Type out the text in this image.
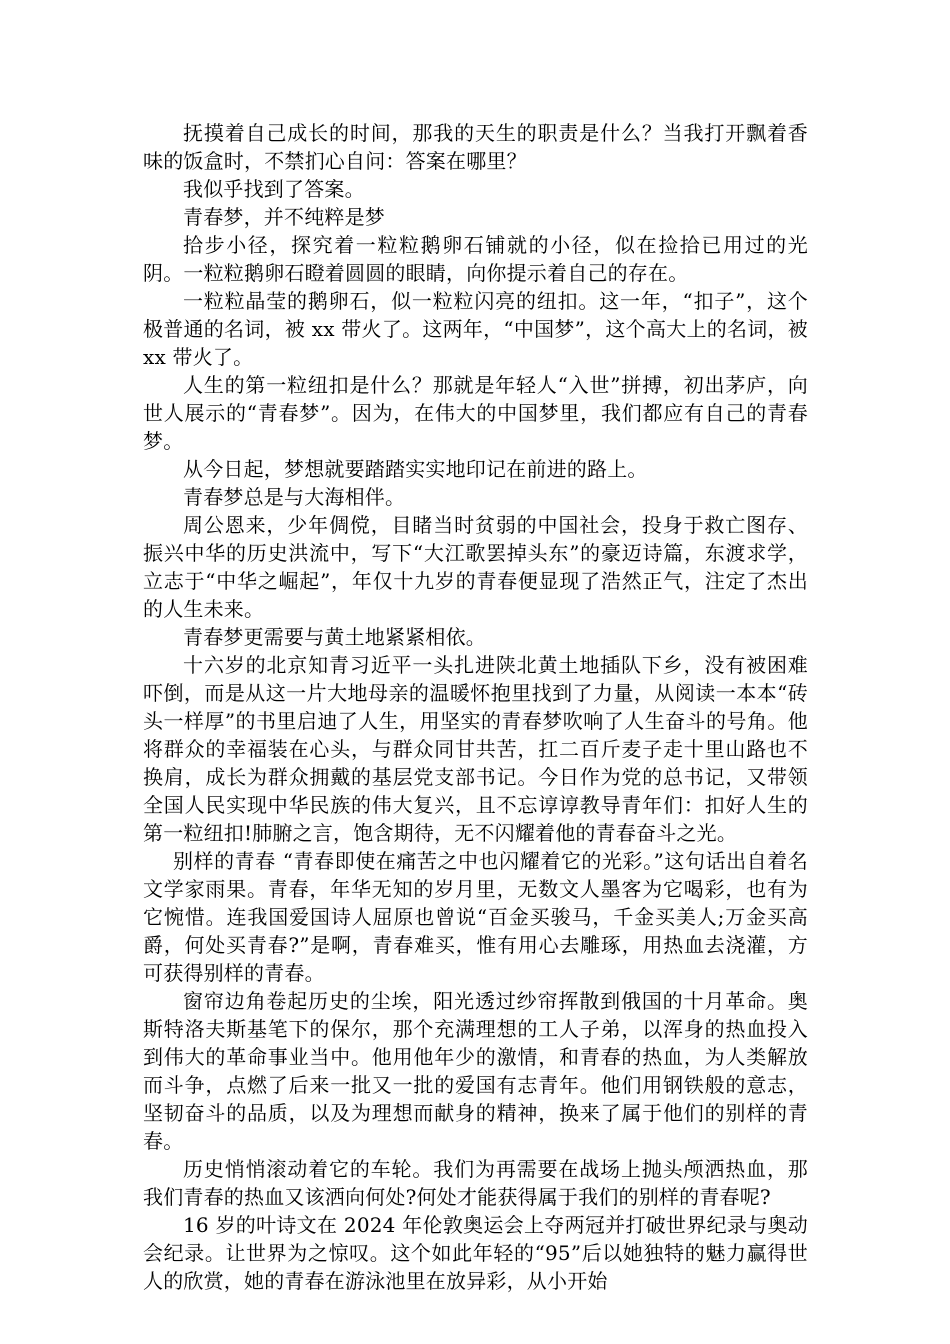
抚摸着自己成长的时间，那我的天生的职责是什么？当我打开飘着香味的饭盒时，不禁扪心自问：答案在哪里？

我似乎找到了答案。

青春梦，并不纯粹是梦

拾步小径，探究着一粒粒鹅卵石铺就的小径，似在捡拾已用过的光阴。一粒粒鹅卵石瞪着圆圆的眼睛，向你提示着自己的存在。

一粒粒晶莹的鹅卵石，似一粒粒闪亮的纽扣。这一年，“扣子”，这个极普通的名词，被 xx 带火了。这两年，“中国梦”，这个高大上的名词，被 xx 带火了。

人生的第一粒纽扣是什么？那就是年轻人“入世”拼搏，初出茅庐，向世人展示的“青春梦”。因为，在伟大的中国梦里，我们都应有自己的青春梦。

从今日起，梦想就要踏踏实实地印记在前进的路上。

青春梦总是与大海相伴。

周公恩来，少年倜傥，目睹当时贫弱的中国社会，投身于救亡图存、振兴中华的历史洪流中，写下“大江歌罢掉头东”的豪迈诗篇，东渡求学，立志于“中华之崛起”，年仅十九岁的青春便显现了浩然正气，注定了杰出的人生未来。

青春梦更需要与黄土地紧紧相依。

十六岁的北京知青习近平一头扎进陕北黄土地插队下乡，没有被困难吓倒，而是从这一片大地母亲的温暖怀抱里找到了力量，从阅读一本本“砖头一样厚”的书里启迪了人生，用坚实的青春梦吹响了人生奋斗的号角。他将群众的幸福装在心头，与群众同甘共苦，扛二百斤麦子走十里山路也不换肩，成长为群众拥戴的基层党支部书记。今日作为党的总书记，又带领全国人民实现中华民族的伟大复兴，且不忘谆谆教导青年们：扣好人生的第一粒纽扣!肺腑之言，饱含期待，无不闪耀着他的青春奋斗之光。

别样的青春 “青春即使在痛苦之中也闪耀着它的光彩。”这句话出自着名文学家雨果。青春，年华无知的岁月里，无数文人墨客为它喝彩，也有为它惋惜。连我国爱国诗人屈原也曾说“百金买骏马，千金买美人;万金买高爵，何处买青春?”是啊，青春难买，惟有用心去雕琢，用热血去浇灌，方可获得别样的青春。

窗帘边角卷起历史的尘埃，阳光透过纱帘挥散到俄国的十月革命。奥斯特洛夫斯基笔下的保尔，那个充满理想的工人子弟，以浑身的热血投入到伟大的革命事业当中。他用他年少的激情，和青春的热血，为人类解放而斗争，点燃了后来一批又一批的爱国有志青年。他们用钢铁般的意志，坚韧奋斗的品质，以及为理想而献身的精神，换来了属于他们的别样的青春。

历史悄悄滚动着它的车轮。我们为再需要在战场上抛头颅洒热血，那我们青春的热血又该洒向何处?何处才能获得属于我们的别样的青春呢?

16 岁的叶诗文在 2024 年伦敦奥运会上夺两冠并打破世界纪录与奥动会纪录。让世界为之惊叹。这个如此年轻的“95”后以她独特的魅力赢得世人的欣赏，她的青春在游泳池里在放异彩，从小开始
